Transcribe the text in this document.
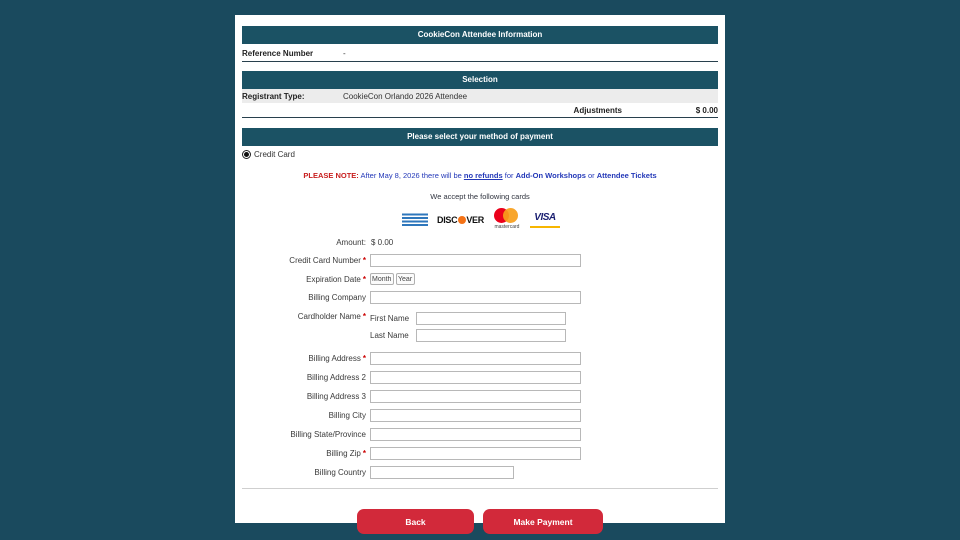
CookieCon Attendee Information
Reference Number	-
Selection
Registrant Type:	CookieCon Orlando 2026 Attendee
Adjustments	$ 0.00
Please select your method of payment
Credit Card
PLEASE NOTE: After May 8, 2026 there will be no refunds for Add-On Workshops or Attendee Tickets
We accept the following cards
DISC VER
mastercard
VISA
Amount: $ 0.00
Credit Card Number *
Expiration Date *
Month
Year
Billing Company
Cardholder Name * First Name
Last Name
Billing Address *
Billing Address 2
Billing Address 3
Billing City
Billing State/Province
Billing Zip *
Billing Country
Back	Make Payment
